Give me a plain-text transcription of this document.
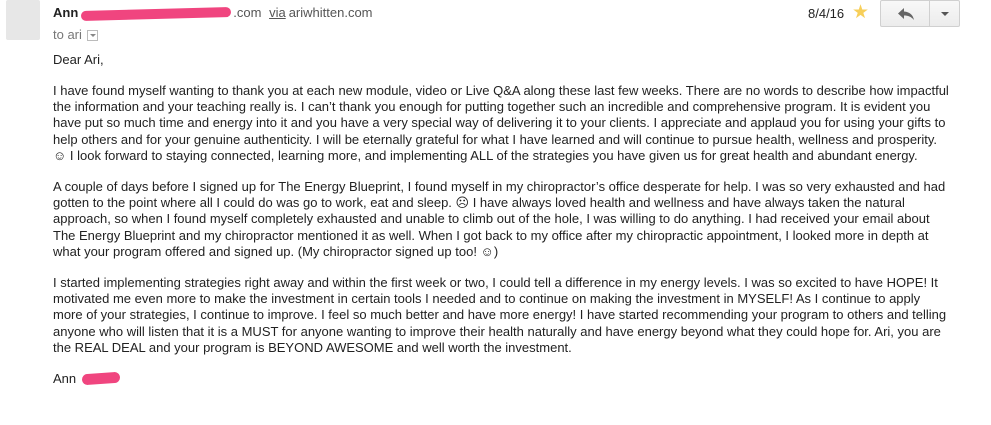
Ann	.com via ariwhitten.com
to ari
8/4/16 ★

Dear Ari,

I have found myself wanting to thank you at each new module, video or Live Q&A along these last few weeks. There are no words to describe how impactful the information and your teaching really is. I can’t thank you enough for putting together such an incredible and comprehensive program. It is evident you have put so much time and energy into it and you have a very special way of delivering it to your clients. I appreciate and applaud you for using your gifts to help others and for your genuine authenticity. I will be eternally grateful for what I have learned and will continue to pursue health, wellness and prosperity. ☺ I look forward to staying connected, learning more, and implementing ALL of the strategies you have given us for great health and abundant energy.

A couple of days before I signed up for The Energy Blueprint, I found myself in my chiropractor’s office desperate for help. I was so very exhausted and had gotten to the point where all I could do was go to work, eat and sleep. ☹ I have always loved health and wellness and have always taken the natural approach, so when I found myself completely exhausted and unable to climb out of the hole, I was willing to do anything. I had received your email about The Energy Blueprint and my chiropractor mentioned it as well. When I got back to my office after my chiropractic appointment, I looked more in depth at what your program offered and signed up. (My chiropractor signed up too! ☺)

I started implementing strategies right away and within the first week or two, I could tell a difference in my energy levels. I was so excited to have HOPE! It motivated me even more to make the investment in certain tools I needed and to continue on making the investment in MYSELF! As I continue to apply more of your strategies, I continue to improve. I feel so much better and have more energy! I have started recommending your program to others and telling anyone who will listen that it is a MUST for anyone wanting to improve their health naturally and have energy beyond what they could hope for. Ari, you are the REAL DEAL and your program is BEYOND AWESOME and well worth the investment.

Ann
